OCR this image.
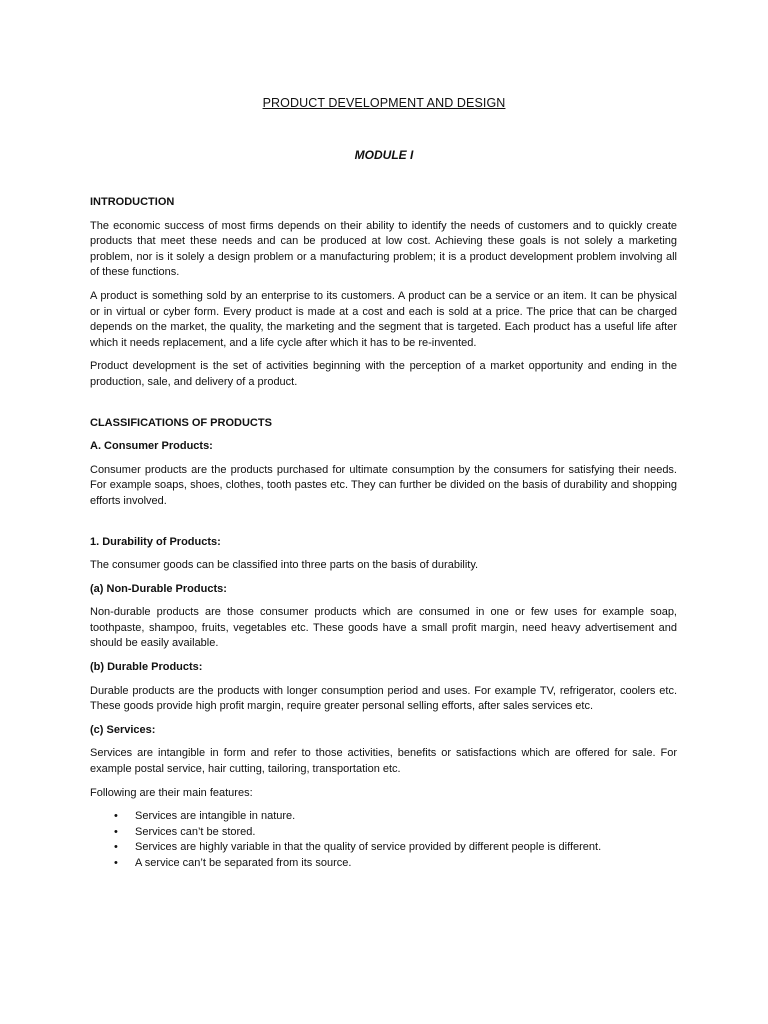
PRODUCT DEVELOPMENT AND DESIGN
MODULE I
INTRODUCTION

The economic success of most firms depends on their ability to identify the needs of customers and to quickly create products that meet these needs and can be produced at low cost. Achieving these goals is not solely a marketing problem, nor is it solely a design problem or a manufacturing problem; it is a product development problem involving all of these functions.

A product is something sold by an enterprise to its customers. A product can be a service or an item. It can be physical or in virtual or cyber form. Every product is made at a cost and each is sold at a price. The price that can be charged depends on the market, the quality, the marketing and the segment that is targeted. Each product has a useful life after which it needs replacement, and a life cycle after which it has to be re-invented.

Product development is the set of activities beginning with the perception of a market opportunity and ending in the production, sale, and delivery of a product.

CLASSIFICATIONS OF PRODUCTS
A. Consumer Products:

Consumer products are the products purchased for ultimate consumption by the consumers for satisfying their needs. For example soaps, shoes, clothes, tooth pastes etc. They can further be divided on the basis of durability and shopping efforts involved.

1. Durability of Products:

The consumer goods can be classified into three parts on the basis of durability.

(a) Non-Durable Products:

Non-durable products are those consumer products which are consumed in one or few uses for example soap, toothpaste, shampoo, fruits, vegetables etc. These goods have a small profit margin, need heavy advertisement and should be easily available.

(b) Durable Products:

Durable products are the products with longer consumption period and uses. For example TV, refrigerator, coolers etc. These goods provide high profit margin, require greater personal selling efforts, after sales services etc.

(c) Services:

Services are intangible in form and refer to those activities, benefits or satisfactions which are offered for sale. For example postal service, hair cutting, tailoring, transportation etc.

Following are their main features:

• Services are intangible in nature.
• Services can’t be stored.
• Services are highly variable in that the quality of service provided by different people is different.
• A service can’t be separated from its source.
